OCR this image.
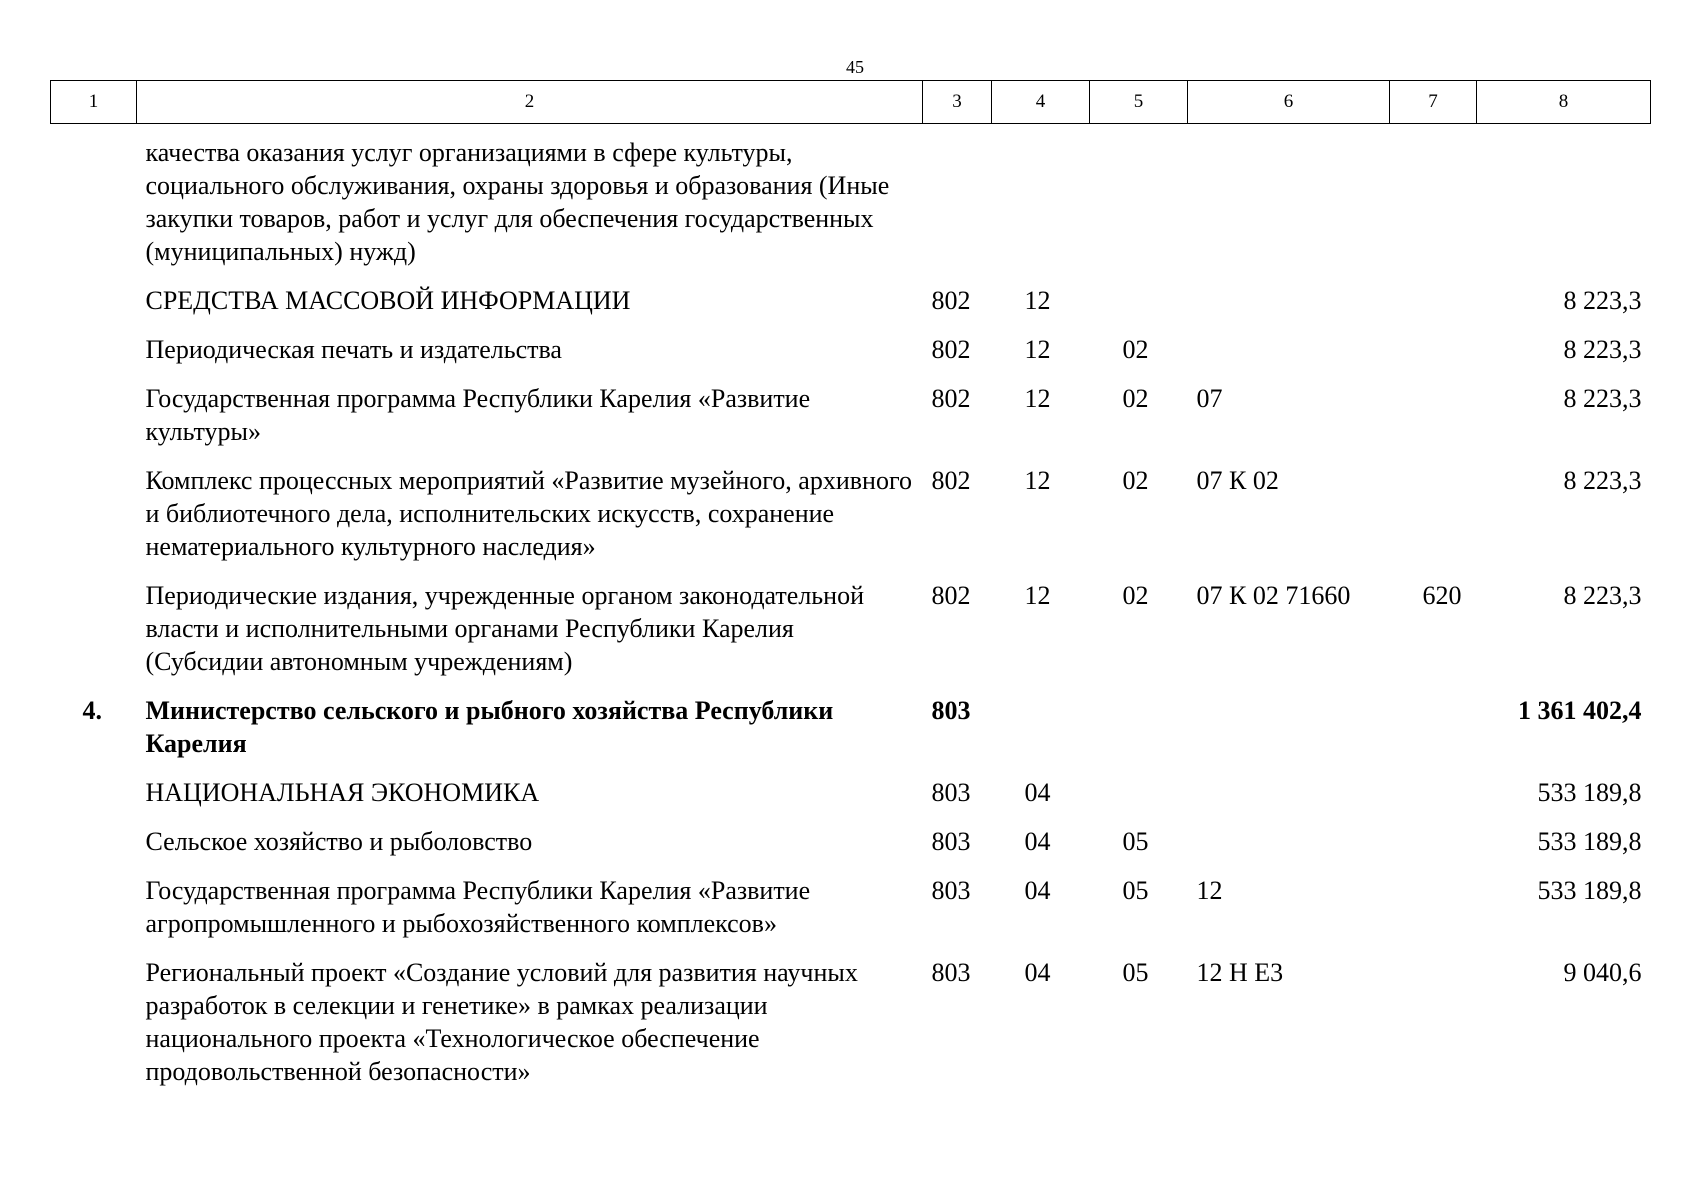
45
1	2	3	4	5	6	7	8
	качества оказания услуг организациями в сфере культуры, социального обслуживания, охраны здоровья и образования (Иные закупки товаров, работ и услуг для обеспечения государственных (муниципальных) нужд)						
	СРЕДСТВА МАССОВОЙ ИНФОРМАЦИИ	802	12				8 223,3
	Периодическая печать и издательства	802	12	02			8 223,3
	Государственная программа Республики Карелия «Развитие культуры»	802	12	02	07		8 223,3
	Комплекс процессных мероприятий «Развитие музейного, архивного и библиотечного дела, исполнительских искусств, сохранение нематериального культурного наследия»	802	12	02	07 К 02		8 223,3
	Периодические издания, учрежденные органом законодательной власти и исполнительными органами Республики Карелия (Субсидии автономным учреждениям)	802	12	02	07 К 02 71660	620	8 223,3
4.	Министерство сельского и рыбного хозяйства Республики Карелия	803					1 361 402,4
	НАЦИОНАЛЬНАЯ ЭКОНОМИКА	803	04				533 189,8
	Сельское хозяйство и рыболовство	803	04	05			533 189,8
	Государственная программа Республики Карелия «Развитие агропромышленного и рыбохозяйственного комплексов»	803	04	05	12		533 189,8
	Региональный проект «Создание условий для развития научных разработок в селекции и генетике» в рамках реализации национального проекта «Технологическое обеспечение продовольственной безопасности»	803	04	05	12 Н Е3		9 040,6
